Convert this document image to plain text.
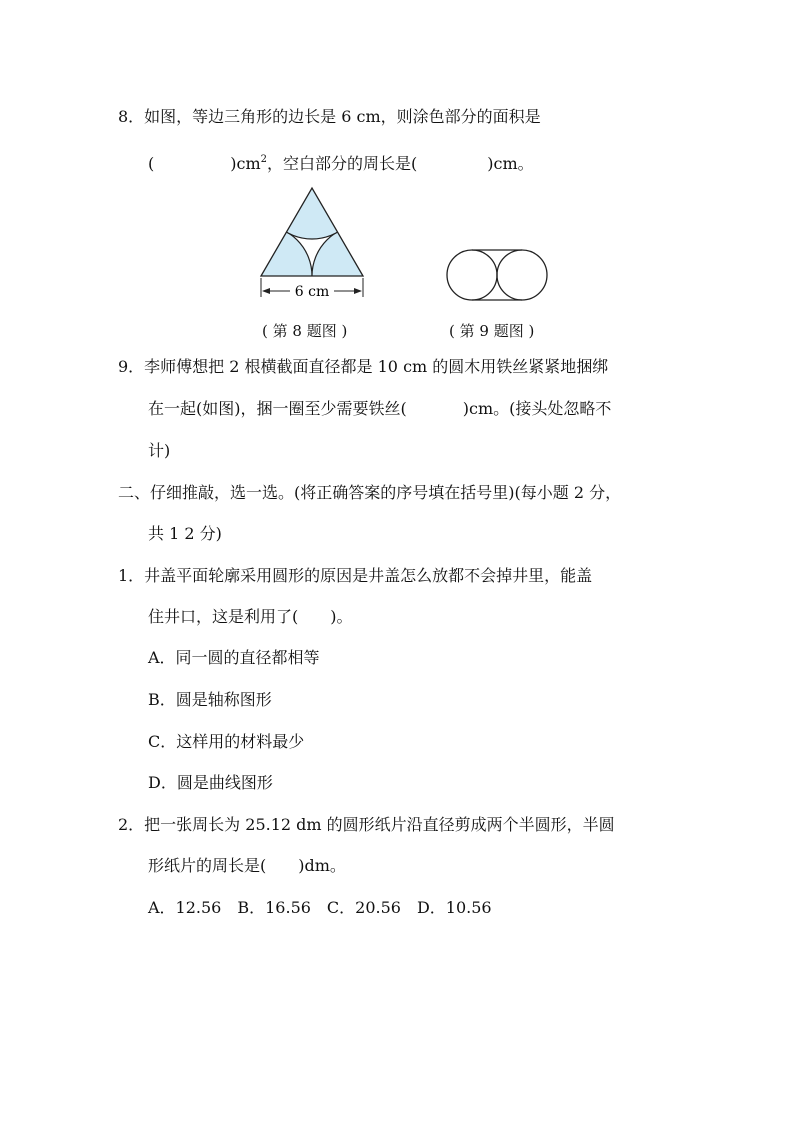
8．如图，等边三角形的边长是 6 cm，则涂色部分的面积是
(	)$cm^2$，空白部分的周长是(	)cm。
6 cm
( 第 8 题图 )	( 第 9 题图 )
9．李师傅想把 2 根横截面直径都是 10 cm 的圆木用铁丝紧紧地捆绑
在一起(如图)，捆一圈至少需要铁丝(	)cm。(接头处忽略不
计)
二、仔细推敲，选一选。(将正确答案的序号填在括号里)(每小题 2 分，
共 1 2 分)
1．井盖平面轮廓采用圆形的原因是井盖怎么放都不会掉井里，能盖
住井口，这是利用了(　　)。
A．同一圆的直径都相等
B．圆是轴称图形
C．这样用的材料最少
D．圆是曲线图形
2．把一张周长为 25.12 dm 的圆形纸片沿直径剪成两个半圆形，半圆
形纸片的周长是(　　)dm。
A．12.56　B．16.56　C．20.56　D．10.56
